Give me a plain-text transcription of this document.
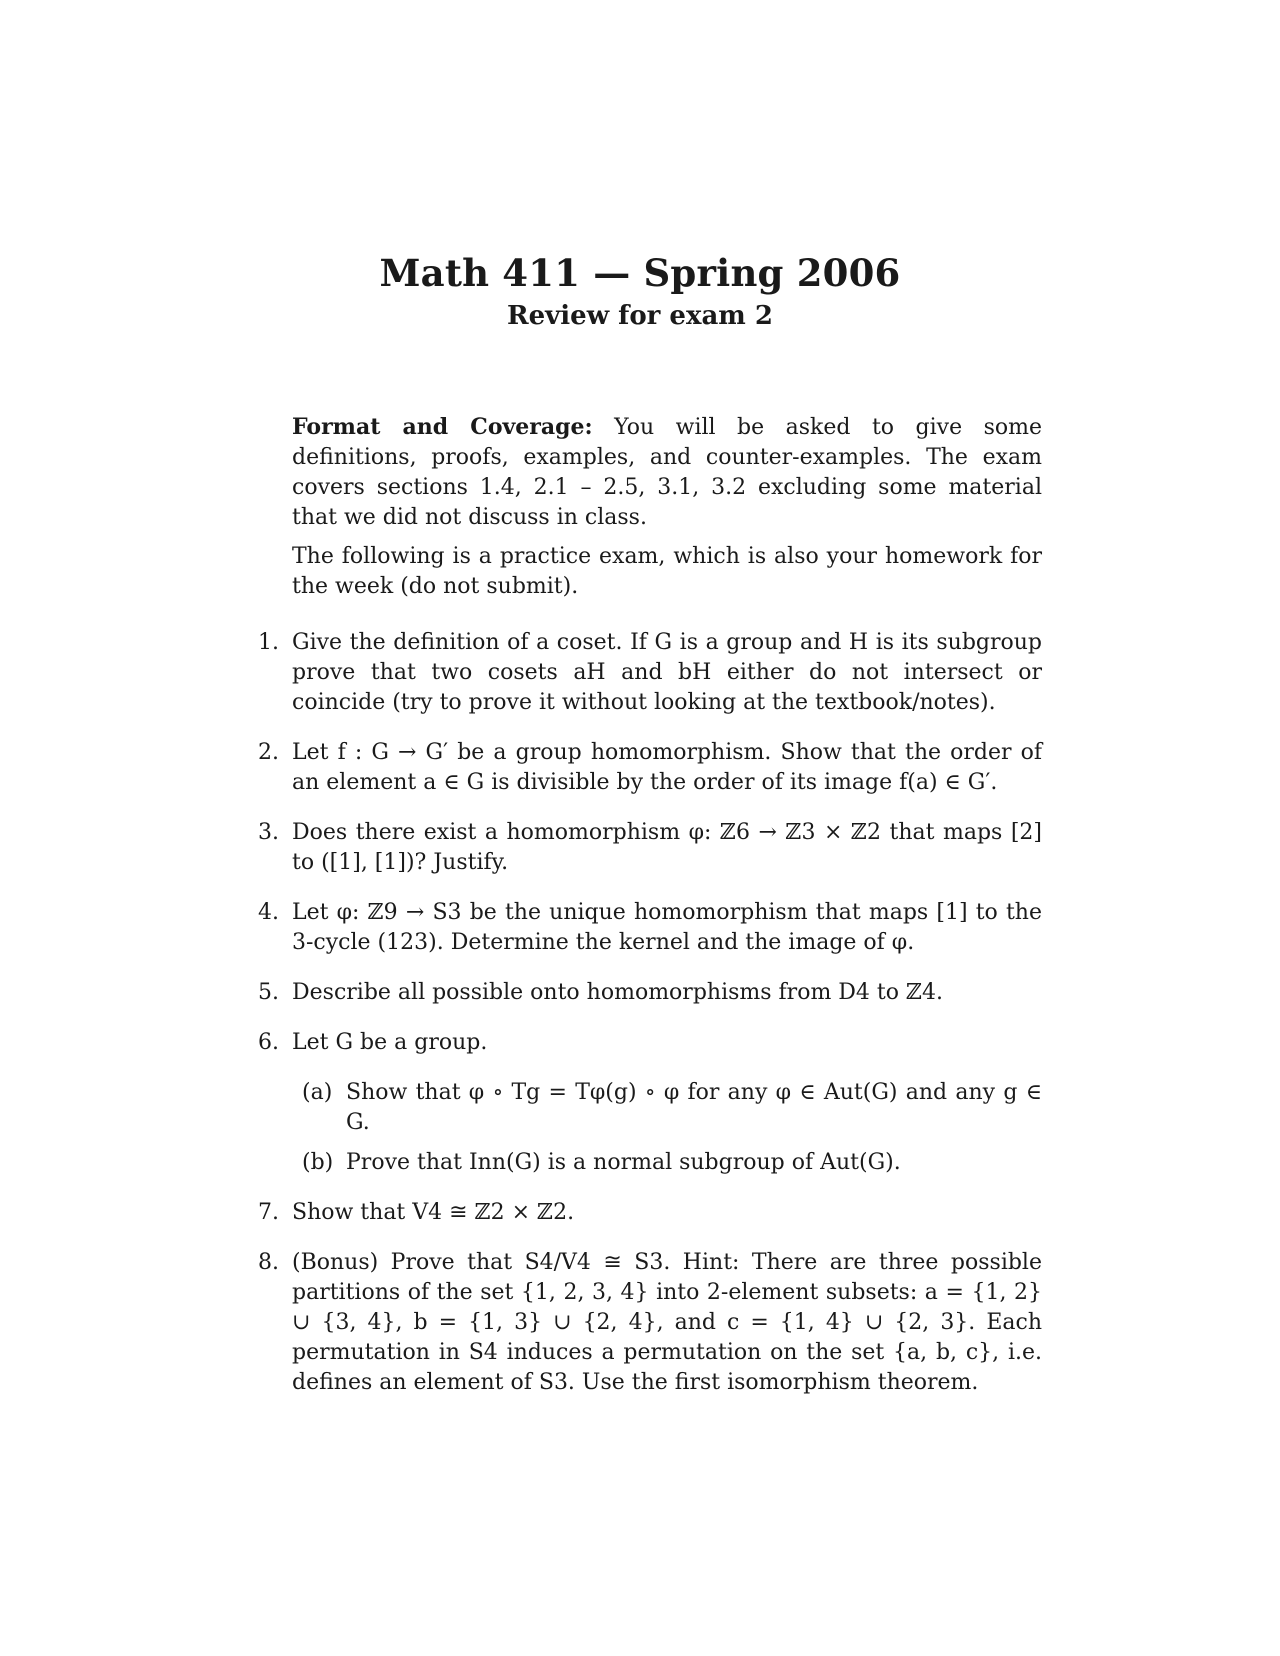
Math 411 — Spring 2006
Review for exam 2
Format and Coverage: You will be asked to give some definitions, proofs, examples, and counter-examples. The exam covers sections 1.4, 2.1 – 2.5, 3.1, 3.2 excluding some material that we did not discuss in class.
The following is a practice exam, which is also your homework for the week (do not submit).
1. Give the definition of a coset. If G is a group and H is its subgroup prove that two cosets aH and bH either do not intersect or coincide (try to prove it without looking at the textbook/notes).
2. Let f : G → G′ be a group homomorphism. Show that the order of an element a ∈ G is divisible by the order of its image f(a) ∈ G′.
3. Does there exist a homomorphism φ: ℤ6 → ℤ3 × ℤ2 that maps [2] to ([1], [1])? Justify.
4. Let φ: ℤ9 → S3 be the unique homomorphism that maps [1] to the 3-cycle (123). Determine the kernel and the image of φ.
5. Describe all possible onto homomorphisms from D4 to ℤ4.
6. Let G be a group.
(a) Show that φ ∘ Tg = Tφ(g) ∘ φ for any φ ∈ Aut(G) and any g ∈ G.
(b) Prove that Inn(G) is a normal subgroup of Aut(G).
7. Show that V4 ≅ ℤ2 × ℤ2.
8. (Bonus) Prove that S4/V4 ≅ S3. Hint: There are three possible partitions of the set {1, 2, 3, 4} into 2-element subsets: a = {1, 2} ∪ {3, 4}, b = {1, 3} ∪ {2, 4}, and c = {1, 4} ∪ {2, 3}. Each permutation in S4 induces a permutation on the set {a, b, c}, i.e. defines an element of S3. Use the first isomorphism theorem.
